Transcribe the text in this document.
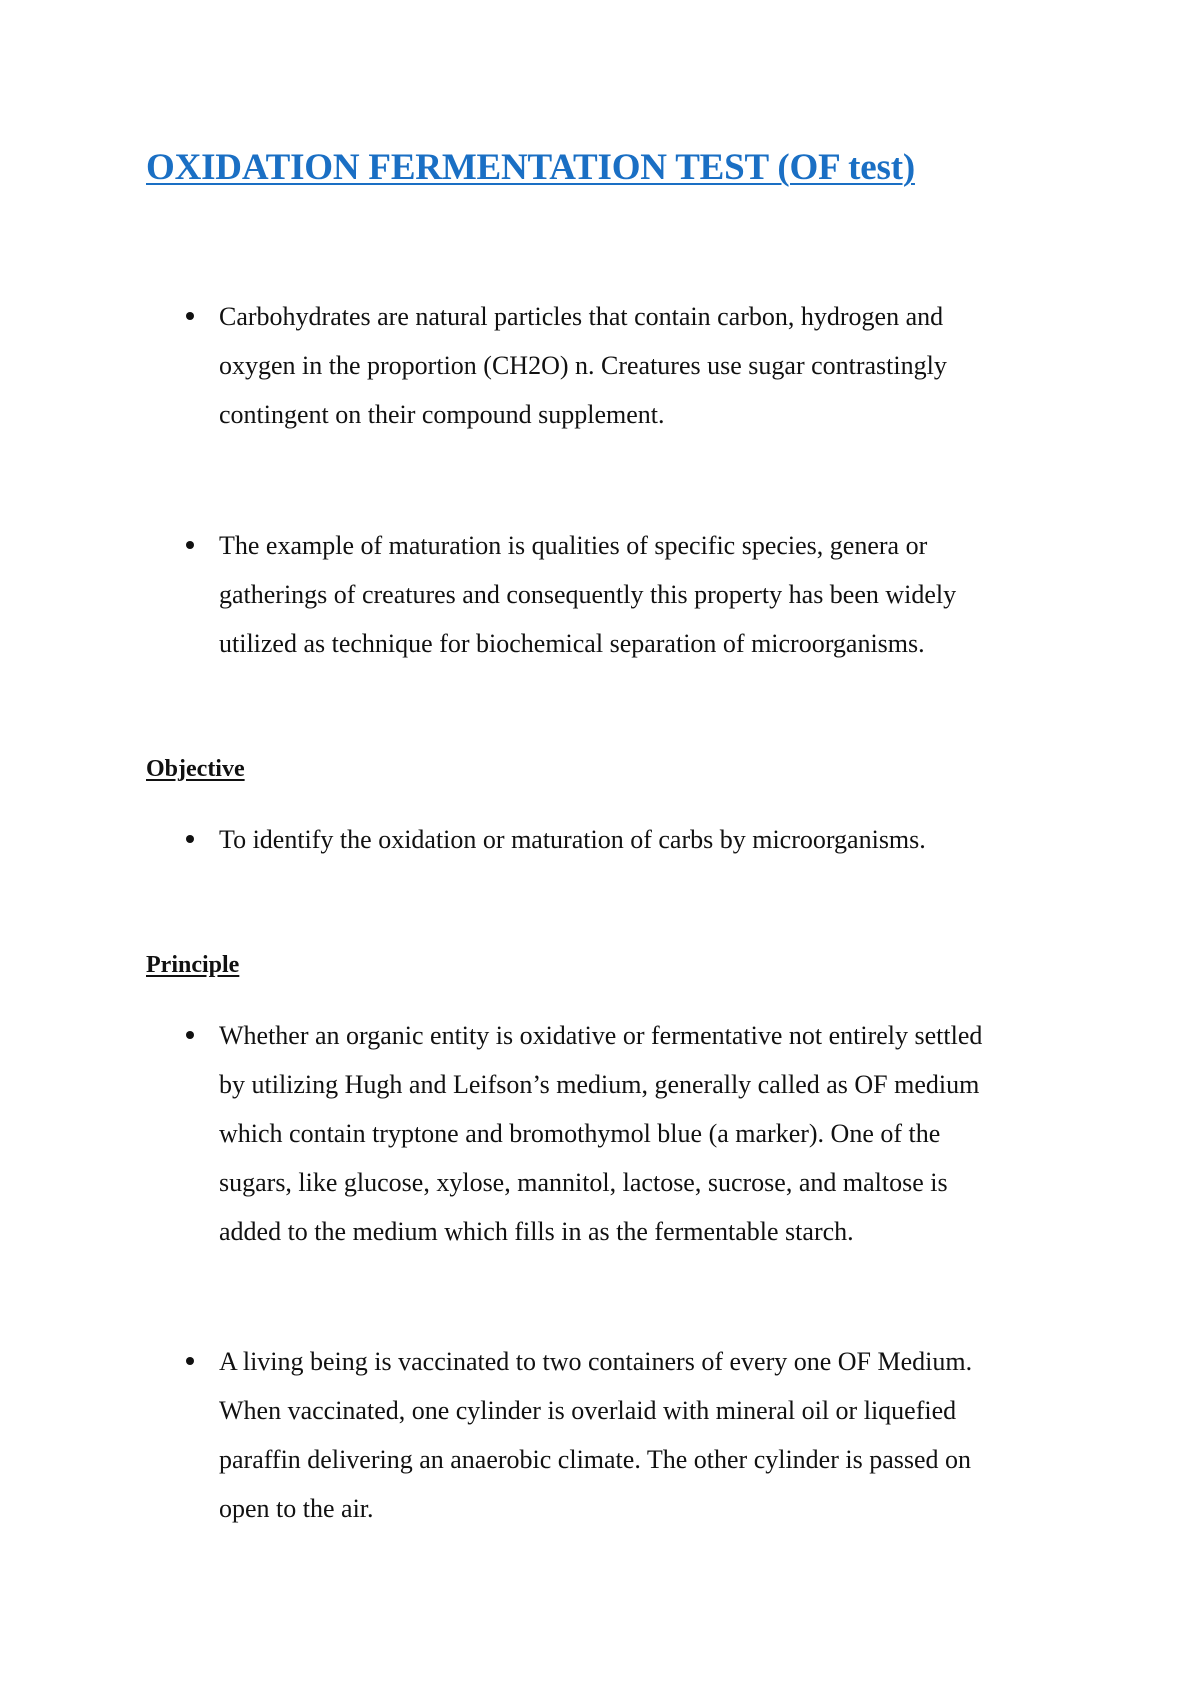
OXIDATION FERMENTATION TEST (OF test)
Carbohydrates are natural particles that contain carbon, hydrogen and
oxygen in the proportion (CH2O) n. Creatures use sugar contrastingly
contingent on their compound supplement.
The example of maturation is qualities of specific species, genera or
gatherings of creatures and consequently this property has been widely
utilized as technique for biochemical separation of microorganisms.
Objective
To identify the oxidation or maturation of carbs by microorganisms.
Principle
Whether an organic entity is oxidative or fermentative not entirely settled
by utilizing Hugh and Leifson’s medium, generally called as OF medium
which contain tryptone and bromothymol blue (a marker). One of the
sugars, like glucose, xylose, mannitol, lactose, sucrose, and maltose is
added to the medium which fills in as the fermentable starch.
A living being is vaccinated to two containers of every one OF Medium.
When vaccinated, one cylinder is overlaid with mineral oil or liquefied
paraffin delivering an anaerobic climate. The other cylinder is passed on
open to the air.
